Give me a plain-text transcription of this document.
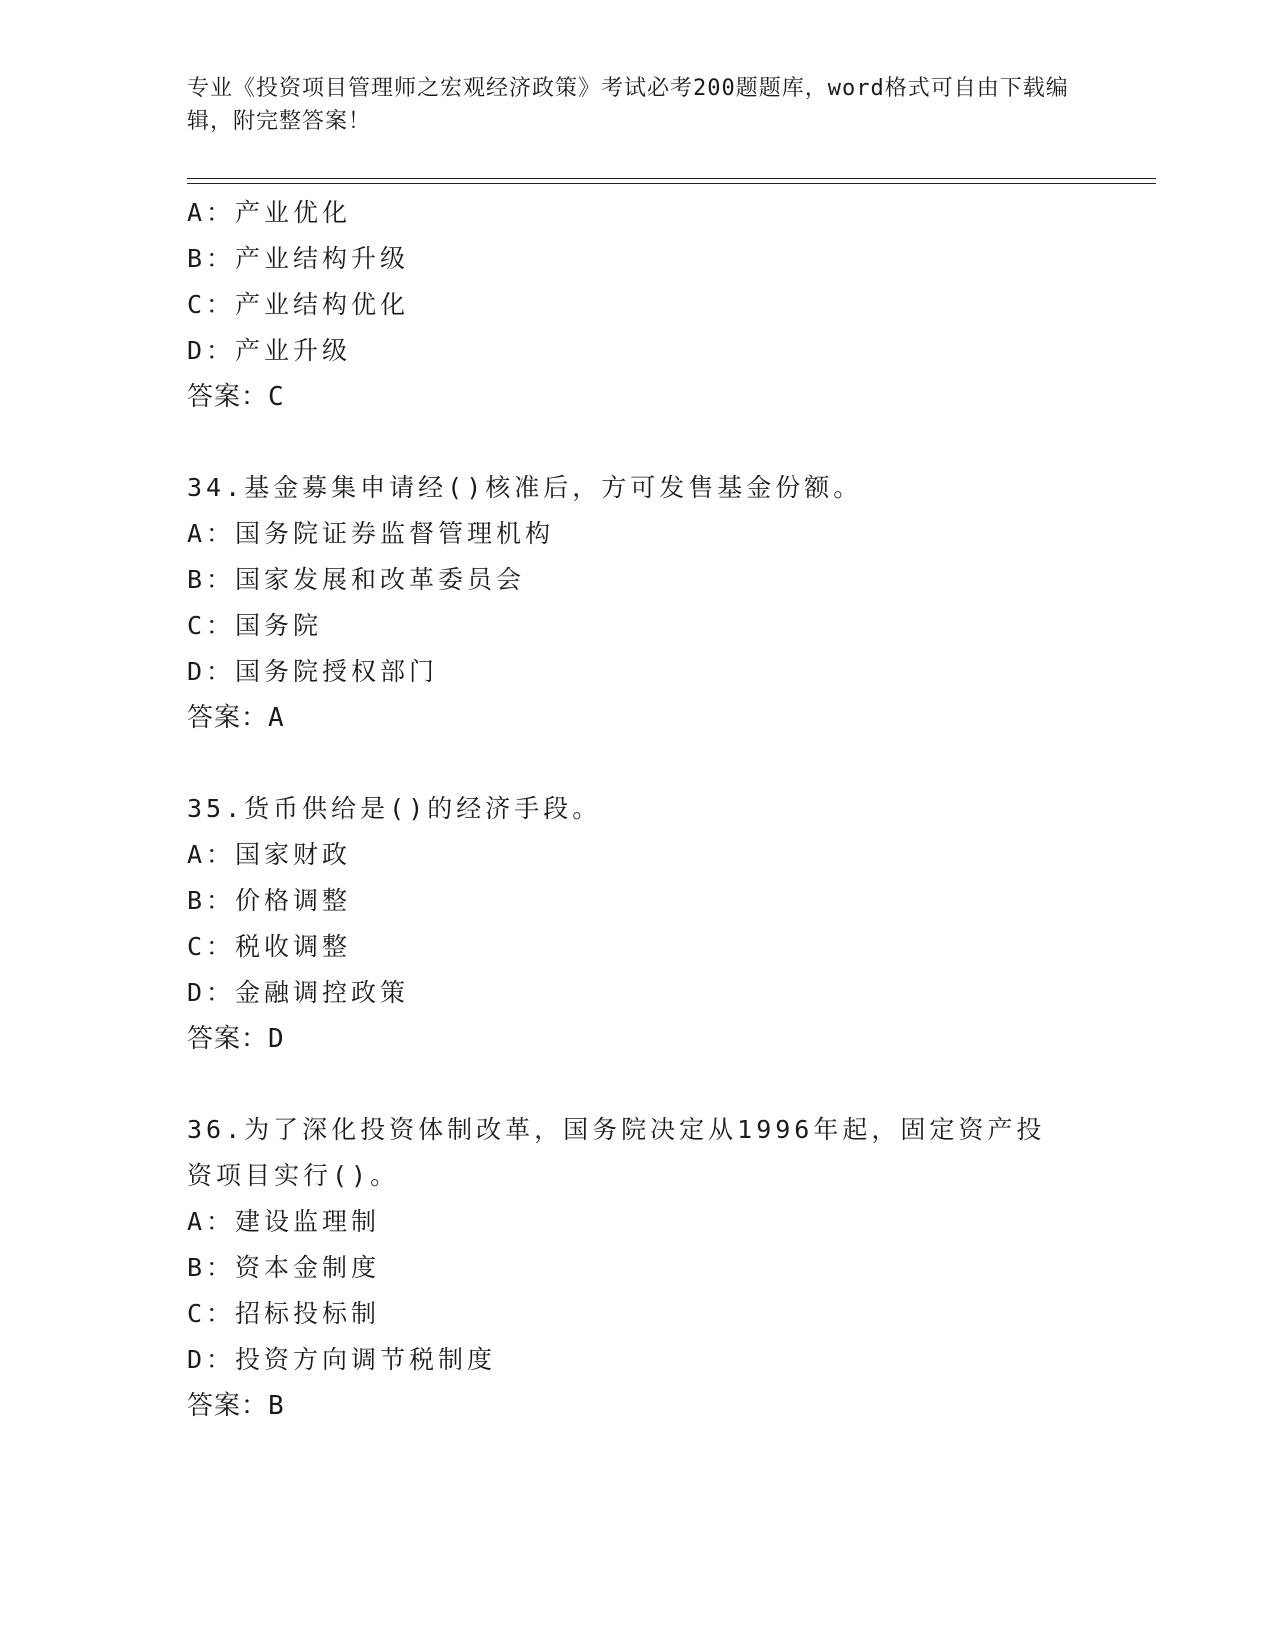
专业《投资项目管理师之宏观经济政策》考试必考200题题库，word格式可自由下载编辑，附完整答案！
A：产业优化
B：产业结构升级
C：产业结构优化
D：产业升级
答案：C
34.基金募集申请经()核准后，方可发售基金份额。
A：国务院证券监督管理机构
B：国家发展和改革委员会
C：国务院
D：国务院授权部门
答案：A
35.货币供给是()的经济手段。
A：国家财政
B：价格调整
C：税收调整
D：金融调控政策
答案：D
36.为了深化投资体制改革，国务院决定从1996年起，固定资产投资项目实行()。
A：建设监理制
B：资本金制度
C：招标投标制
D：投资方向调节税制度
答案：B
